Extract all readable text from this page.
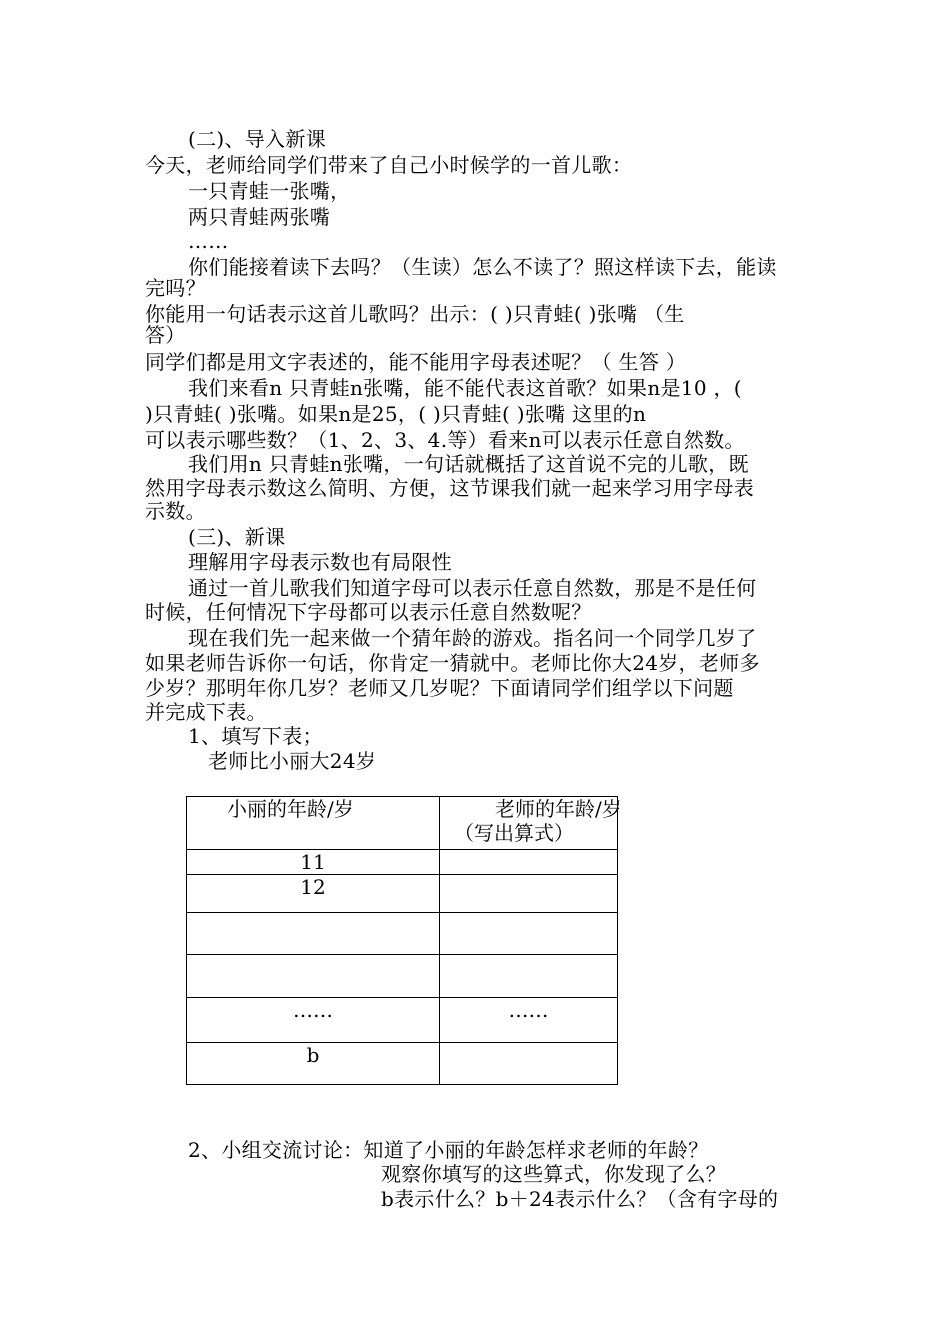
(二)、导入新课
今天，老师给同学们带来了自己小时候学的一首儿歌：
一只青蛙一张嘴，
两只青蛙两张嘴
……
你们能接着读下去吗？（生读）怎么不读了？照这样读下去，能读
完吗？
你能用一句话表示这首儿歌吗？出示：( )只青蛙( )张嘴 （生
答）
同学们都是用文字表述的，能不能用字母表述呢？（ 生答 ）
我们来看n 只青蛙n张嘴，能不能代表这首歌？如果n是10 ，(
)只青蛙( )张嘴。如果n是25，( )只青蛙( )张嘴 这里的n
可以表示哪些数？（1、2、3、4.等）看来n可以表示任意自然数。
我们用n 只青蛙n张嘴，一句话就概括了这首说不完的儿歌，既
然用字母表示数这么简明、方便，这节课我们就一起来学习用字母表
示数。
(三)、新课
理解用字母表示数也有局限性
通过一首儿歌我们知道字母可以表示任意自然数，那是不是任何
时候，任何情况下字母都可以表示任意自然数呢？
现在我们先一起来做一个猜年龄的游戏。指名问一个同学几岁了
如果老师告诉你一句话，你肯定一猜就中。老师比你大24岁，老师多
少岁？那明年你几岁？老师又几岁呢？下面请同学们组学以下问题
并完成下表。
1、填写下表；
老师比小丽大24岁
小丽的年龄/岁	老师的年龄/岁
（写出算式）

11	
12	

……	……
b	
2、小组交流讨论：知道了小丽的年龄怎样求老师的年龄？
观察你填写的这些算式，你发现了么？
b表示什么？b＋24表示什么？（含有字母的
